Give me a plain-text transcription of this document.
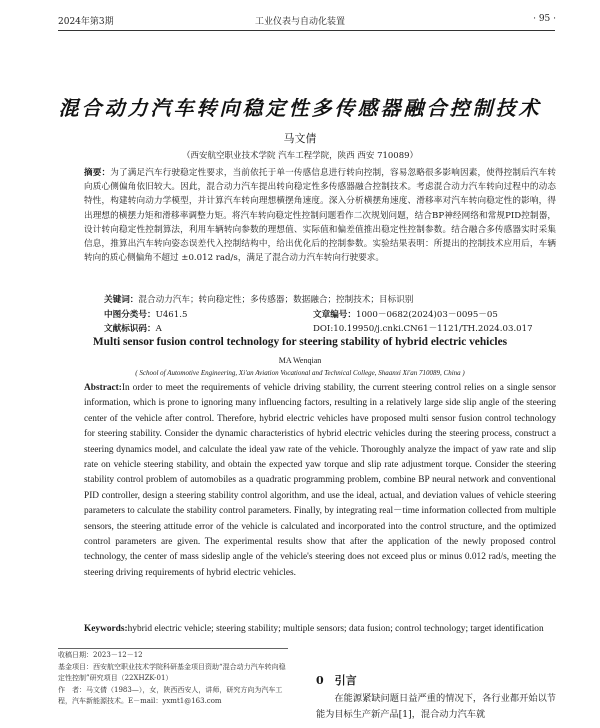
2024年第3期	工业仪表与自动化装置	· 95 ·
混合动力汽车转向稳定性多传感器融合控制技术
马文倩
（西安航空职业技术学院 汽车工程学院，陕西 西安 710089）
摘要：为了满足汽车行驶稳定性要求，当前依托于单一传感信息进行转向控制，容易忽略很多影响因素，使得控制后汽车转向质心侧偏角依旧较大。因此，混合动力汽车提出转向稳定性多传感器融合控制技术。考虑混合动力汽车转向过程中的动态特性，构建转向动力学模型，并计算汽车转向理想横摆角速度。深入分析横摆角速度、滑移率对汽车转向稳定性的影响，得出理想的横摆力矩和滑移率调整力矩。将汽车转向稳定性控制问题看作二次规划问题，结合BP神经网络和常规PID控制器，设计转向稳定性控制算法，利用车辆转向参数的理想值、实际值和偏差值推出稳定性控制参数。结合融合多传感器实时采集信息，推算出汽车转向姿态误差代入控制结构中，给出优化后的控制参数。实验结果表明：所提出的控制技术应用后，车辆转向的质心侧偏角不超过 ±0.012 rad/s，满足了混合动力汽车转向行驶要求。
关键词：混合动力汽车；转向稳定性；多传感器；数据融合；控制技术；目标识别
中图分类号：U461.5	文章编号：1000－0682(2024)03－0095－05
文献标识码：A	DOI:10.19950/j.cnki.CN61－1121/TH.2024.03.017
Multi sensor fusion control technology for steering stability of hybrid electric vehicles
MA Wenqian
( School of Automotive Engineering, Xi'an Aviation Vocational and Technical College, Shaanxi Xi'an 710089, China )
Abstract:In order to meet the requirements of vehicle driving stability, the current steering control relies on a single sensor information, which is prone to ignoring many influencing factors, resulting in a relatively large side slip angle of the steering center of the vehicle after control. Therefore, hybrid electric vehicles have proposed multi sensor fusion control technology for steering stability. Consider the dynamic characteristics of hybrid electric vehicles during the steering process, construct a steering dynamics model, and calculate the ideal yaw rate of the vehicle. Thoroughly analyze the impact of yaw rate and slip rate on vehicle steering stability, and obtain the expected yaw torque and slip rate adjustment torque. Consider the steering stability control problem of automobiles as a quadratic programming problem, combine BP neural network and conventional PID controller, design a steering stability control algorithm, and use the ideal, actual, and deviation values of vehicle steering parameters to calculate the stability control parameters. Finally, by integrating real－time information collected from multiple sensors, the steering attitude error of the vehicle is calculated and incorporated into the control structure, and the optimized control parameters are given. The experimental results show that after the application of the newly proposed control technology, the center of mass sideslip angle of the vehicle's steering does not exceed plus or minus 0.012 rad/s, meeting the steering driving requirements of hybrid electric vehicles.
Keywords:hybrid electric vehicle; steering stability; multiple sensors; data fusion; control technology; target identification
收稿日期：2023－12－12
基金项目：西安航空职业技术学院科研基金项目资助“混合动力汽车转向稳定性控制”研究项目（22XHZK-01）
作　者：马文倩（1983—），女，陕西西安人，讲师，研究方向为汽车工程，汽车新能源技术。E－mail：yxmt1@163.com
0　引言
在能源紧缺问题日益严重的情况下，各行业都开始以节能为目标生产新产品[1]，混合动力汽车就
